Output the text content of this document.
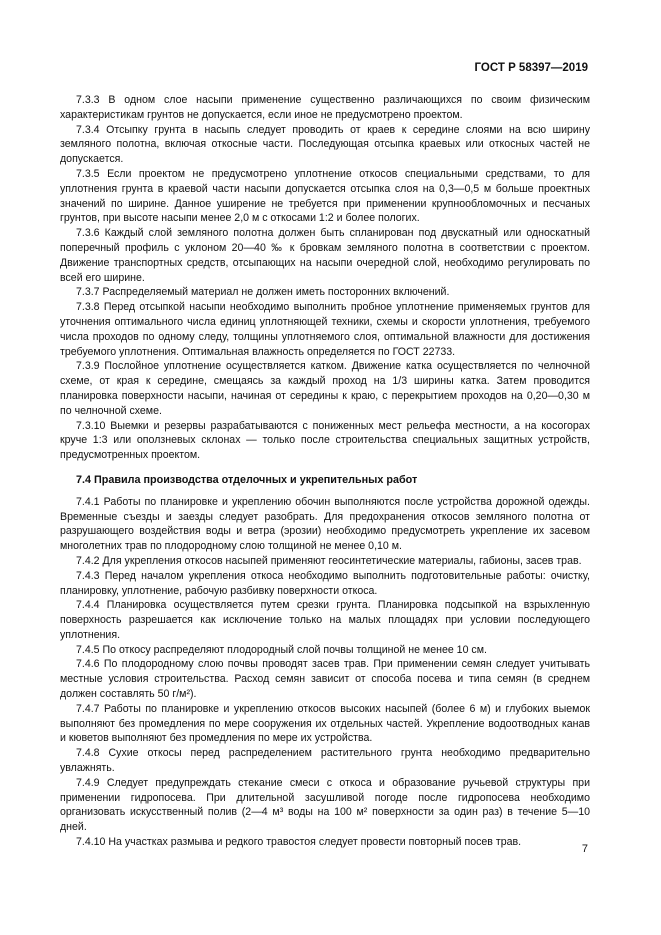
ГОСТ Р 58397—2019

7.3.3 В одном слое насыпи применение существенно различающихся по своим физическим характеристикам грунтов не допускается, если иное не предусмотрено проектом.

7.3.4 Отсыпку грунта в насыпь следует проводить от краев к середине слоями на всю ширину земляного полотна, включая откосные части. Последующая отсыпка краевых или откосных частей не допускается.

7.3.5 Если проектом не предусмотрено уплотнение откосов специальными средствами, то для уплотнения грунта в краевой части насыпи допускается отсыпка слоя на 0,3—0,5 м больше проектных значений по ширине. Данное уширение не требуется при применении крупнообломочных и песчаных грунтов, при высоте насыпи менее 2,0 м с откосами 1:2 и более пологих.

7.3.6 Каждый слой земляного полотна должен быть спланирован под двускатный или односкатный поперечный профиль с уклоном 20—40 ‰ к бровкам земляного полотна в соответствии с проектом. Движение транспортных средств, отсыпающих на насыпи очередной слой, необходимо регулировать по всей его ширине.

7.3.7 Распределяемый материал не должен иметь посторонних включений.

7.3.8 Перед отсыпкой насыпи необходимо выполнить пробное уплотнение применяемых грунтов для уточнения оптимального числа единиц уплотняющей техники, схемы и скорости уплотнения, требуемого числа проходов по одному следу, толщины уплотняемого слоя, оптимальной влажности для достижения требуемого уплотнения. Оптимальная влажность определяется по ГОСТ 22733.

7.3.9 Послойное уплотнение осуществляется катком. Движение катка осуществляется по челночной схеме, от края к середине, смещаясь за каждый проход на 1/3 ширины катка. Затем проводится планировка поверхности насыпи, начиная от середины к краю, с перекрытием проходов на 0,20—0,30 м по челночной схеме.

7.3.10 Выемки и резервы разрабатываются с пониженных мест рельефа местности, а на косогорах круче 1:3 или оползневых склонах — только после строительства специальных защитных устройств, предусмотренных проектом.

7.4 Правила производства отделочных и укрепительных работ

7.4.1 Работы по планировке и укреплению обочин выполняются после устройства дорожной одежды. Временные съезды и заезды следует разобрать. Для предохранения откосов земляного полотна от разрушающего воздействия воды и ветра (эрозии) необходимо предусмотреть укрепление их засевом многолетних трав по плодородному слою толщиной не менее 0,10 м.

7.4.2 Для укрепления откосов насыпей применяют геосинтетические материалы, габионы, засев трав.

7.4.3 Перед началом укрепления откоса необходимо выполнить подготовительные работы: очистку, планировку, уплотнение, рабочую разбивку поверхности откоса.

7.4.4 Планировка осуществляется путем срезки грунта. Планировка подсыпкой на взрыхленную поверхность разрешается как исключение только на малых площадях при условии последующего уплотнения.

7.4.5 По откосу распределяют плодородный слой почвы толщиной не менее 10 см.

7.4.6 По плодородному слою почвы проводят засев трав. При применении семян следует учитывать местные условия строительства. Расход семян зависит от способа посева и типа семян (в среднем должен составлять 50 г/м²).

7.4.7 Работы по планировке и укреплению откосов высоких насыпей (более 6 м) и глубоких выемок выполняют без промедления по мере сооружения их отдельных частей. Укрепление водоотводных канав и кюветов выполняют без промедления по мере их устройства.

7.4.8 Сухие откосы перед распределением растительного грунта необходимо предварительно увлажнять.

7.4.9 Следует предупреждать стекание смеси с откоса и образование ручьевой структуры при применении гидропосева. При длительной засушливой погоде после гидропосева необходимо организовать искусственный полив (2—4 м³ воды на 100 м² поверхности за один раз) в течение 5—10 дней.

7.4.10 На участках размыва и редкого травостоя следует провести повторный посев трав.

7
